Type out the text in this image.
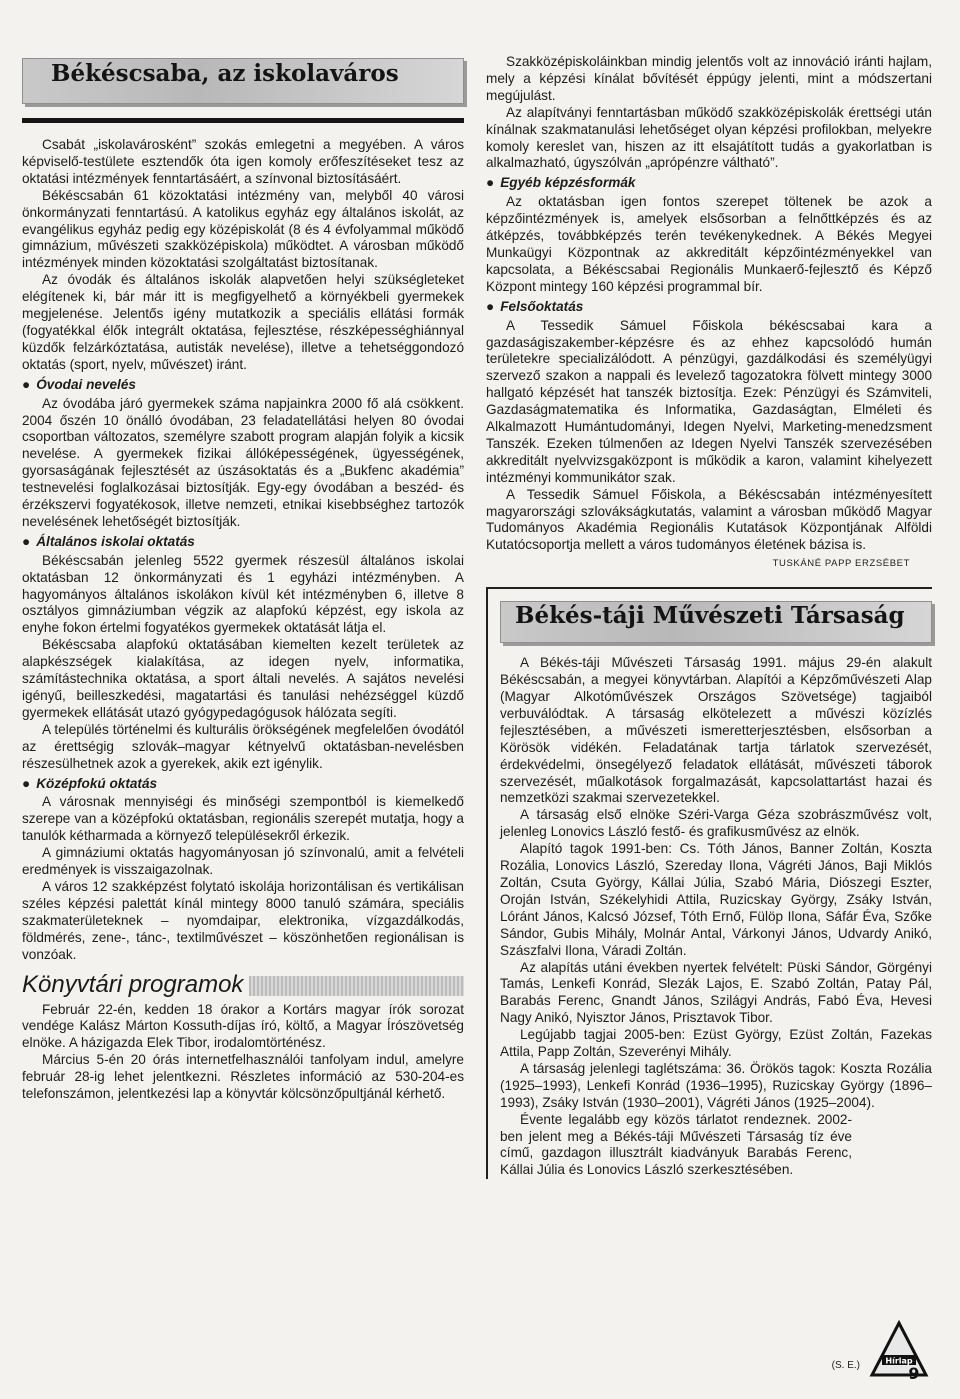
Békéscsaba, az iskolaváros

Csabát „iskolavárosként” szokás emlegetni a megyében. A város képviselő-testülete esztendők óta igen komoly erőfeszítéseket tesz az oktatási intézmények fenntartásáért, a színvonal biztosításáért.

Békéscsabán 61 közoktatási intézmény van, melyből 40 városi önkormányzati fenntartású. A katolikus egyház egy általános iskolát, az evangélikus egyház pedig egy középiskolát (8 és 4 évfolyammal működő gimnázium, művészeti szakközépiskola) működtet. A városban működő intézmények minden közoktatási szolgáltatást biztosítanak.

Az óvodák és általános iskolák alapvetően helyi szükségleteket elégítenek ki, bár már itt is megfigyelhető a környékbeli gyermekek megjelenése. Jelentős igény mutatkozik a speciális ellátási formák (fogyatékkal élők integrált oktatása, fejlesztése, részképességhiánnyal küzdők felzárkóztatása, autisták nevelése), illetve a tehetséggondozó oktatás (sport, nyelv, művészet) iránt.

● Óvodai nevelés

Az óvodába járó gyermekek száma napjainkra 2000 fő alá csökkent. 2004 őszén 10 önálló óvodában, 23 feladatellátási helyen 80 óvodai csoportban változatos, személyre szabott program alapján folyik a kicsik nevelése. A gyermekek fizikai állóképességének, ügyességének, gyorsaságának fejlesztését az úszásoktatás és a „Bukfenc akadémia” testnevelési foglalkozásai biztosítják. Egy-egy óvodában a beszéd- és érzékszervi fogyatékosok, illetve nemzeti, etnikai kisebbséghez tartozók nevelésének lehetőségét biztosítják.

● Általános iskolai oktatás

Békéscsabán jelenleg 5522 gyermek részesül általános iskolai oktatásban 12 önkormányzati és 1 egyházi intézményben. A hagyományos általános iskolákon kívül két intézményben 6, illetve 8 osztályos gimnáziumban végzik az alapfokú képzést, egy iskola az enyhe fokon értelmi fogyatékos gyermekek oktatását látja el.

Békéscsaba alapfokú oktatásában kiemelten kezelt területek az alapkészségek kialakítása, az idegen nyelv, informatika, számítástechnika oktatása, a sport általi nevelés. A sajátos nevelési igényű, beilleszkedési, magatartási és tanulási nehézséggel küzdő gyermekek ellátását utazó gyógypedagógusok hálózata segíti.

A település történelmi és kulturális örökségének megfelelően óvodától az érettségig szlovák–magyar kétnyelvű oktatásban-nevelésben részesülhetnek azok a gyerekek, akik ezt igénylik.

● Középfokú oktatás

A városnak mennyiségi és minőségi szempontból is kiemelkedő szerepe van a középfokú oktatásban, regionális szerepét mutatja, hogy a tanulók kétharmada a környező településekről érkezik.

A gimnáziumi oktatás hagyományosan jó színvonalú, amit a felvételi eredmények is visszaigazolnak.

A város 12 szakképzést folytató iskolája horizontálisan és vertikálisan széles képzési palettát kínál mintegy 8000 tanuló számára, speciális szakmaterületeknek – nyomdaipar, elektronika, vízgazdálkodás, földmérés, zene-, tánc-, textilművészet – köszönhetően regionálisan is vonzóak.

Könyvtári programok

Február 22-én, kedden 18 órakor a Kortárs magyar írók sorozat vendége Kalász Márton Kossuth-díjas író, költő, a Magyar Írószövetség elnöke. A házigazda Elek Tibor, irodalomtörténész.

Március 5-én 20 órás internetfelhasználói tanfolyam indul, amelyre február 28-ig lehet jelentkezni. Részletes információ az 530-204-es telefonszámon, jelentkezési lap a könyvtár kölcsönzőpultjánál kérhető.

Szakközépiskoláinkban mindig jelentős volt az innováció iránti hajlam, mely a képzési kínálat bővítését éppúgy jelenti, mint a módszertani megújulást.

Az alapítványi fenntartásban működő szakközépiskolák érettségi után kínálnak szakmatanulási lehetőséget olyan képzési profilokban, melyekre komoly kereslet van, hiszen az itt elsajátított tudás a gyakorlatban is alkalmazható, úgyszólván „aprópénzre váltható”.

● Egyéb képzésformák

Az oktatásban igen fontos szerepet töltenek be azok a képzőintézmények is, amelyek elsősorban a felnőttképzés és az átképzés, továbbképzés terén tevékenykednek. A Békés Megyei Munkaügyi Központnak az akkreditált képzőintézményekkel van kapcsolata, a Békéscsabai Regionális Munkaerő-fejlesztő és Képző Központ mintegy 160 képzési programmal bír.

● Felsőoktatás

A Tessedik Sámuel Főiskola békéscsabai kara a gazdaságiszakember-képzésre és az ehhez kapcsolódó humán területekre specializálódott. A pénzügyi, gazdálkodási és személyügyi szervező szakon a nappali és levelező tagozatokra fölvett mintegy 3000 hallgató képzését hat tanszék biztosítja. Ezek: Pénzügyi és Számviteli, Gazdaságmatematika és Informatika, Gazdaságtan, Elméleti és Alkalmazott Humántudományi, Idegen Nyelvi, Marketing-menedzsment Tanszék. Ezeken túlmenően az Idegen Nyelvi Tanszék szervezésében akkreditált nyelvvizsgaközpont is működik a karon, valamint kihelyezett intézményi kommunikátor szak.

A Tessedik Sámuel Főiskola, a Békéscsabán intézményesített magyarországi szlovákságkutatás, valamint a városban működő Magyar Tudományos Akadémia Regionális Kutatások Központjának Alföldi Kutatócsoportja mellett a város tudományos életének bázisa is.

TUSKÁNÉ PAPP ERZSÉBET
Békés-táji Művészeti Társaság

A Békés-táji Művészeti Társaság 1991. május 29-én alakult Békéscsabán, a megyei könyvtárban. Alapítói a Képzőművészeti Alap (Magyar Alkotóművészek Országos Szövetsége) tagjaiból verbuválódtak. A társaság elkötelezett a művészi közízlés fejlesztésében, a művészeti ismeretterjesztésben, elsősorban a Körösök vidékén. Feladatának tartja tárlatok szervezését, érdekvédelmi, önsegélyező feladatok ellátását, művészeti táborok szervezését, műalkotások forgalmazását, kapcsolattartást hazai és nemzetközi szakmai szervezetekkel.

A társaság első elnöke Széri-Varga Géza szobrászművész volt, jelenleg Lonovics László festő- és grafikusművész az elnök.

Alapító tagok 1991-ben: Cs. Tóth János, Banner Zoltán, Koszta Rozália, Lonovics László, Szereday Ilona, Vágréti János, Baji Miklós Zoltán, Csuta György, Kállai Júlia, Szabó Mária, Diószegi Eszter, Oroján István, Székelyhidi Attila, Ruzicskay György, Zsáky István, Lóránt János, Kalcsó József, Tóth Ernő, Fülöp Ilona, Sáfár Éva, Szőke Sándor, Gubis Mihály, Molnár Antal, Várkonyi János, Udvardy Anikó, Szászfalvi Ilona, Váradi Zoltán.

Az alapítás utáni években nyertek felvételt: Püski Sándor, Görgényi Tamás, Lenkefi Konrád, Slezák Lajos, E. Szabó Zoltán, Patay Pál, Barabás Ferenc, Gnandt János, Szilágyi András, Fabó Éva, Hevesi Nagy Anikó, Nyisztor János, Prisztavok Tibor.

Legújabb tagjai 2005-ben: Ezüst György, Ezüst Zoltán, Fazekas Attila, Papp Zoltán, Szeverényi Mihály.

A társaság jelenlegi taglétszáma: 36. Örökös tagok: Koszta Rozália (1925–1993), Lenkefi Konrád (1936–1995), Ruzicskay György (1896–1993), Zsáky István (1930–2001), Vágréti János (1925–2004).

Évente legalább egy közös tárlatot rendeznek. 2002-ben jelent meg a Békés-táji Művészeti Társaság tíz éve című, gazdagon illusztrált kiadványuk Barabás Ferenc, Kállai Júlia és Lonovics László szerkesztésében.

(S. E.)	Hírlap
9
